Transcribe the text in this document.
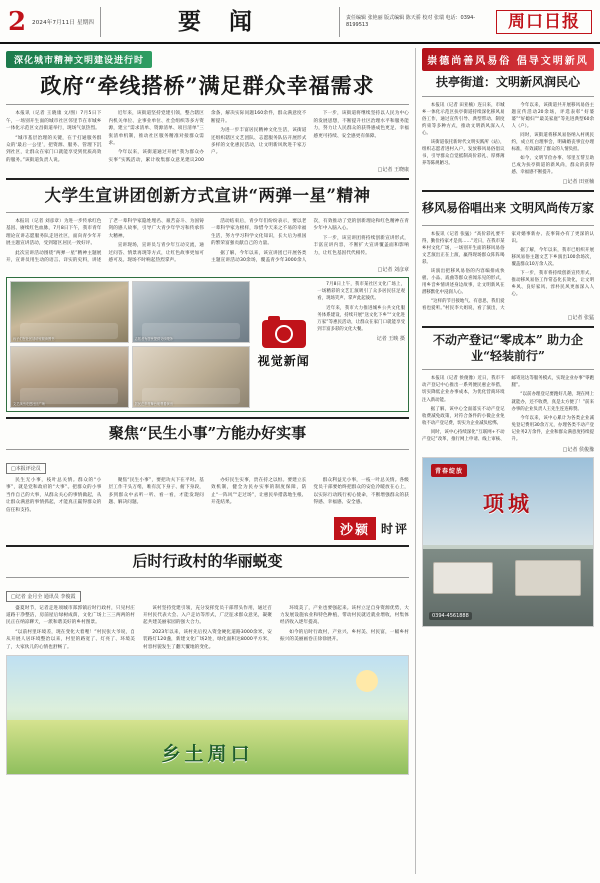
2	2024年7月11日 星期四	要 闻	责任编辑 张艳丽 版式编辑 陈天骄 校对 张瑞 电话：0394-8199513	周口日报
深化城市精神文明建设进行时
政府“牵线搭桥”满足群众幸福需求

本报讯（记者 王晓康 文/图）7月5日下午，一场别开生面的城市社区邻里节在市城乡一体化示范区文昌街道举行，现场气氛热烈。

“城市基层治理的关键，在于打通服务群众的‘最后一公里’，把资源、服务、管理下沉到社区，让群众在家门口就能享受到优质高效的服务。”该街道负责人说。

近年来，该街道坚持党建引领，整合辖区内机关单位、企事业单位、社会组织等多方资源，建立“需求清单、资源清单、项目清单”三张清单机制，推动社区服务精准对接群众需求。

今年以来，该街道通过开展“我为群众办实事”实践活动，累计收集群众意见建议200余条，解决实际问题160余件，群众满意度不断提升。

为进一步丰富居民精神文化生活，该街道还组织辖区文艺团队、志愿服务队伍开展形式多样的文化惠民活动，让文明新风吹进千家万户。

下一步，该街道将继续坚持以人民为中心的发展思想，不断提升社区治理水平和服务能力，努力让人民群众的获得感成色更足、幸福感更可持续、安全感更有保障。

□记者 王晓康
大学生宣讲团创新方式宣讲“两弹一星”精神

本报讯（记者 刘彦章）为进一步传承红色基因、赓续红色血脉，7月8日下午，我市青年理论宣讲志愿服务队走进社区，面向青少年开展主题宣讲活动，受到辖区居民一致好评。

此次宣讲活动围绕“两弹一星”精神主题展开，宣讲员用生动的语言、详实的史料，讲述了老一辈科学家隐姓埋名、艰苦奋斗、为国铸剑的感人故事，引导广大青少年学习和传承伟大精神。

宣讲现场，宣讲员与青少年互动交流，通过问答、情景再现等方式，让红色故事更加可感可及。现场不时响起热烈掌声。

活动结束后，青少年们纷纷表示，要以老一辈科学家为榜样，珍惜今天来之不易的幸福生活，努力学习科学文化知识，长大后为祖国的繁荣富强贡献自己的力量。

据了解，今年以来，该宣讲团已开展各类主题宣讲活动30余场，覆盖青少年3000余人次，有效推动了党的创新理论和红色精神在青少年中入脑入心。

下一步，该宣讲团将持续创新宣讲形式，丰富宣讲内容，不断扩大宣讲覆盖面和影响力，让红色基因代代相传。

□记者 刘彦章
孩子们在社区活动室阅读图书	志愿者为居民提供义诊服务
文艺演出走进社区广场	居民在乡村舞台前观看演出
视觉新闻

7月8日上午，我市某社区文化广场上，一场精彩的文艺汇演吸引了众多居民驻足观看，现场笑声、掌声此起彼伏。

近年来，我市大力推进城乡公共文化服务体系建设，持续开展“送文化下乡”“文化进万家”等惠民活动，让群众在家门口就能享受到丰富多彩的文化大餐。

记者 王映 摄
聚焦“民生小事”方能办好实事
□本报评论员

民生无小事，枝叶总关情。群众的“小事”，就是党和政府的“大事”。把群众的小事当作自己的大事，从群众关心的事情做起，从让群众满意的事情抓起，才能真正赢得群众的信任和支持。

聚焦“民生小事”，要把功夫下在平时。基层工作千头万绪，唯有沉下身子、俯下身段，多到群众中去听一听、看一看，才能发现问题、解决问题。

办好民生实事，贵在持之以恒。要建立长效机制，健全为民办实事的制度保障，防止“一阵风”“走过场”，让惠民举措落地生根、开花结果。

群众利益无小事，一枝一叶总关情。各级党员干部要始终把群众的安危冷暖放在心上，以实际行动践行初心使命，不断增强群众的获得感、幸福感、安全感。

沙颍 时评
后时行政村的华丽蜕变
□记者 金月全 通讯员 李俊霞

盛夏时节，记者走进项城市郑郭镇后时行政村，只见村庄道路干净整洁，房前屋后绿树成荫，文化广场上三三两两的村民正在纳凉聊天，一派和谐美好的乡村图景。

“以前村里环境差，现在变化大着哩！”村民张大爷说，自从开展人居环境整治以来，村里的路宽了、灯亮了、环境美了，大家伙儿的心情也舒畅了。

该村坚持党建引领，充分发挥党员干部带头作用，通过召开村民代表大会、入户走访等形式，广泛征求群众意见，凝聚起共建美丽家园的强大合力。

2023年以来，该村先后投入资金硬化道路3000余米，安装路灯120盏，新建文化广场2处，绿化面积达8000平方米，村容村貌发生了翻天覆地的变化。

环境美了，产业也要强起来。该村立足自身资源优势，大力发展设施农业和特色种植，带动村民就近就业增收，村集体经济收入逐年提高。

如今的后时行政村，产业兴、乡村美、村民富，一幅乡村振兴的美丽画卷正徐徐展开。

乡土周口
崇德尚善风易俗 倡导文明新风
扶亭街道：文明新风润民心

本报讯（记者 田亚楠）连日来，市城乡一体化示范区扶亭街道持续深化移风易俗工作，通过宣传引导、典型带动、制度约束等多种方式，推动文明新风深入人心。

该街道依托新时代文明实践所（站），组织志愿者进村入户，发放移风易俗倡议书，引导群众自觉抵制高价彩礼、厚葬薄养等陈规陋习。

今年以来，该街道共开展移风易俗主题宣传活动20余场，评选表彰“好婆婆”“好媳妇”“最美家庭”等先进典型60余人（户）。

同时，该街道将移风易俗纳入村规民约，成立红白理事会，明确婚丧事宜办理标准，有效减轻了群众的人情负担。

如今，文明节俭办事、邻里互帮互助已成为扶亭街道的新风尚，群众的获得感、幸福感不断提升。

□记者 田亚楠
移风易俗唱出来 文明风尚传万家

本报讯（记者 张猛）“高价彩礼要不得，勤俭持家才是真……”近日，在我市某乡村文化广场，一场别开生面的移风易俗文艺演出正在上演，赢得现场群众阵阵喝彩。

该演出把移风易俗的内容编排成快板、小品、戏曲等群众喜闻乐见的形式，用乡音乡情讲述身边故事，让文明新风在潜移默化中浸润人心。

“这样的节目接地气、有意思，我们爱看也爱听。”村民李大姐说，看了演出，大家对婚事新办、丧事简办有了更深的认识。

据了解，今年以来，我市已组织开展移风易俗主题文艺下乡演出100余场次，覆盖群众10万余人次。

下一步，我市将持续创新宣传形式，推动移风易俗工作常态化长效化，让文明乡风、良好家风、淳朴民风更加深入人心。

□记者 张猛
不动产登记“零成本” 助力企业“轻装前行”

本报讯（记者 侯俊豫）近日，我市不动产登记中心推出一系列便民惠企举措，切实降低企业办事成本，为优化营商环境注入新动能。

据了解，该中心全面落实不动产登记收费减免政策，对符合条件的小微企业免收不动产登记费，切实为企业减负松绑。

同时，该中心持续深化“互联网+不动产登记”改革，推行网上申请、线上审核、邮寄送达等服务模式，实现企业办事“零跑腿”。

“以前办理登记要跑好几趟，现在网上就能办，还不收费，真是太方便了！”前来办事的企业负责人王先生连连称赞。

今年以来，该中心累计为各类企业减免登记费用30余万元，办理各类不动产登记业务2万余件，企业和群众满意度持续提升。

□记者 侯俊豫
青春绽放
项城
0394-4561888
